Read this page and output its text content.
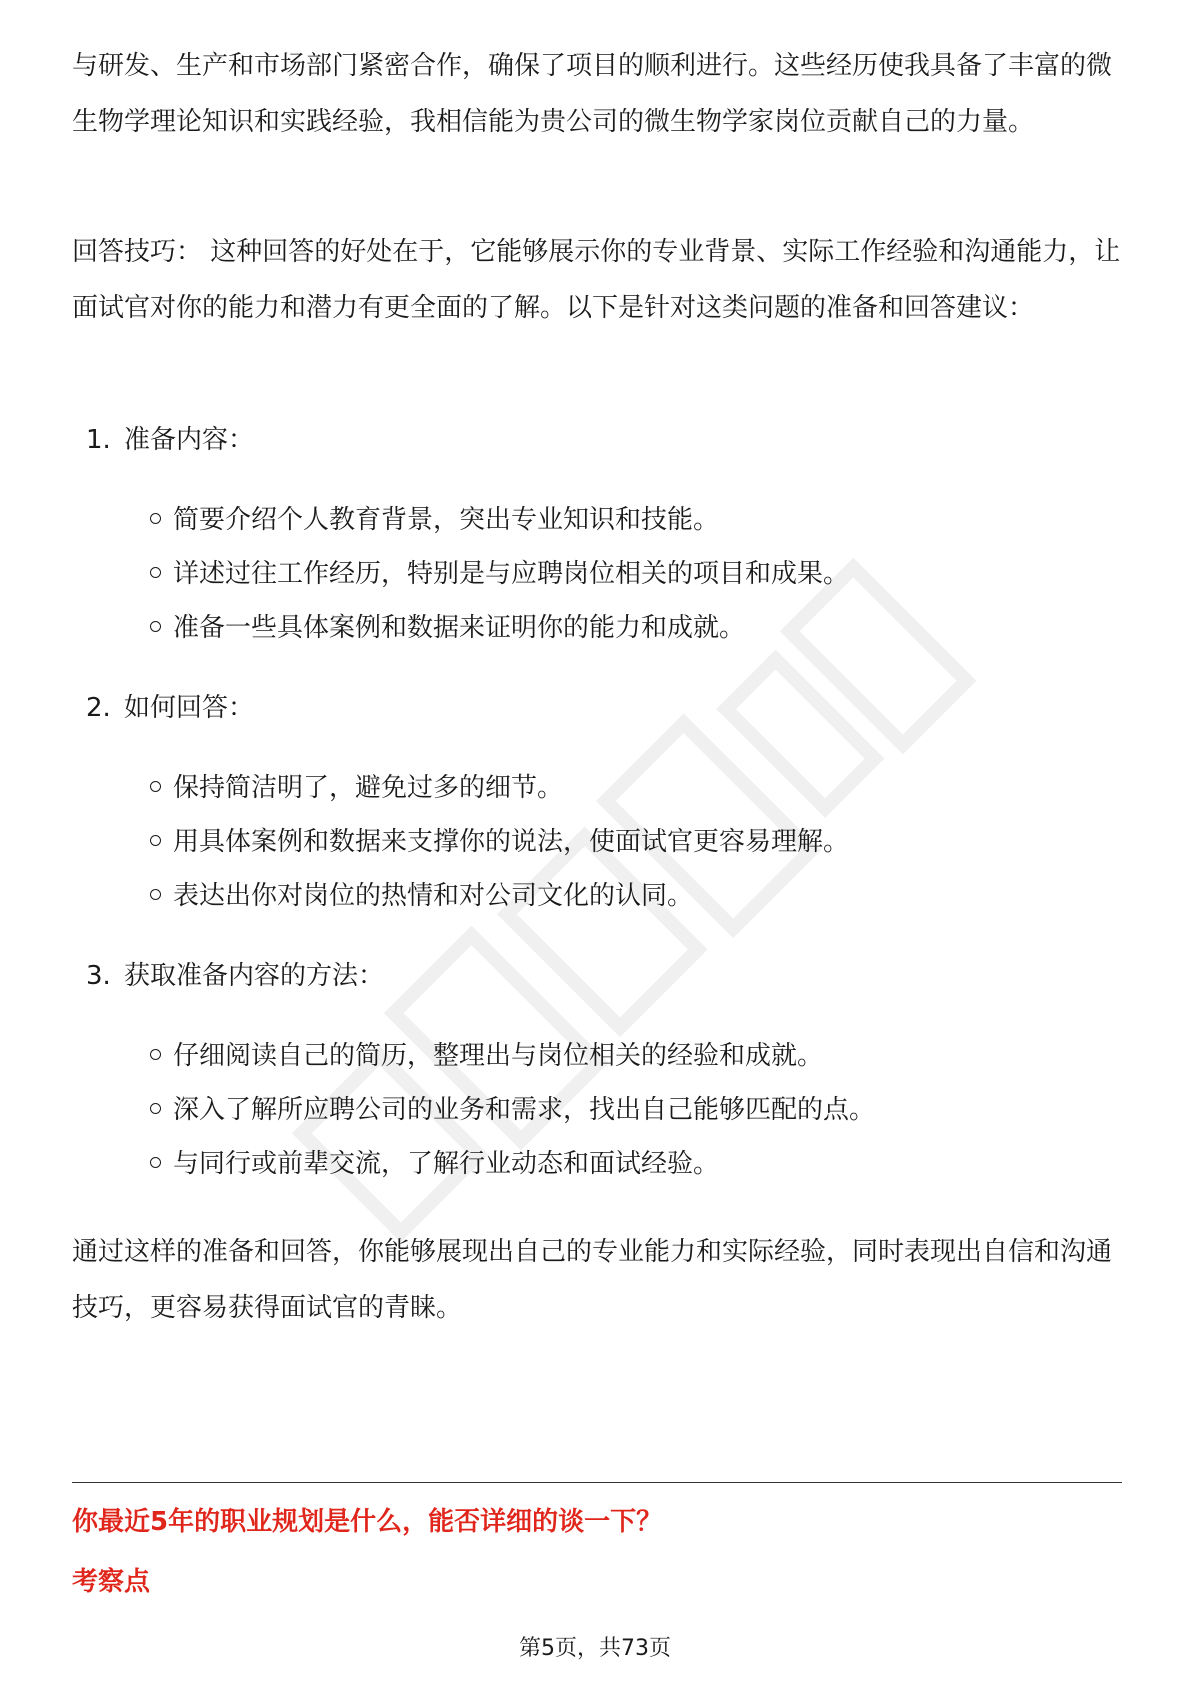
与研发、生产和市场部门紧密合作，确保了项目的顺利进行。这些经历使我具备了丰富的微生物学理论知识和实践经验，我相信能为贵公司的微生物学家岗位贡献自己的力量。

回答技巧： 这种回答的好处在于，它能够展示你的专业背景、实际工作经验和沟通能力，让面试官对你的能力和潜力有更全面的了解。以下是针对这类问题的准备和回答建议：

1. 准备内容：
简要介绍个人教育背景，突出专业知识和技能。
详述过往工作经历，特别是与应聘岗位相关的项目和成果。
准备一些具体案例和数据来证明你的能力和成就。
2. 如何回答：
保持简洁明了，避免过多的细节。
用具体案例和数据来支撑你的说法，使面试官更容易理解。
表达出你对岗位的热情和对公司文化的认同。
3. 获取准备内容的方法：
仔细阅读自己的简历，整理出与岗位相关的经验和成就。
深入了解所应聘公司的业务和需求，找出自己能够匹配的点。
与同行或前辈交流，了解行业动态和面试经验。

通过这样的准备和回答，你能够展现出自己的专业能力和实际经验，同时表现出自信和沟通技巧，更容易获得面试官的青睐。

你最近5年的职业规划是什么，能否详细的谈一下？
考察点
第5页，共73页
